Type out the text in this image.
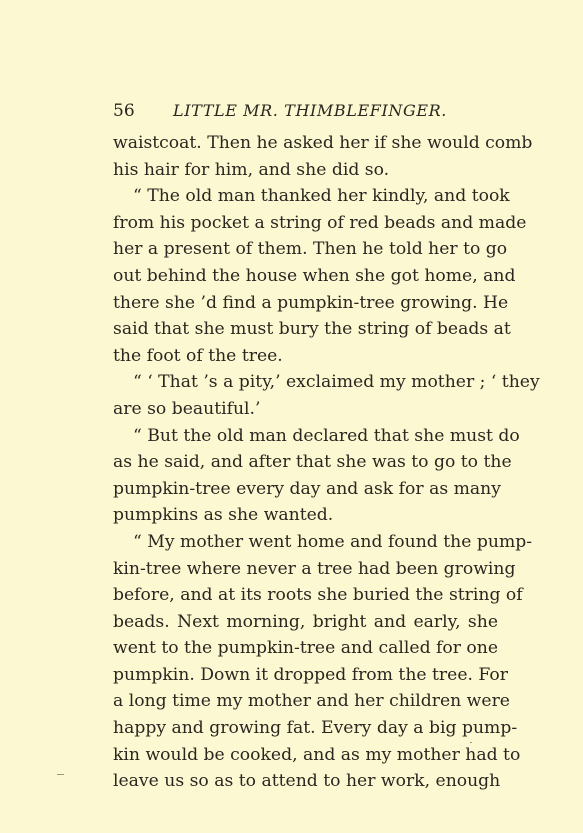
56 LITTLE MR. THIMBLEFINGER.
waistcoat. Then he asked her if she would comb
his hair for him, and she did so.
“ The old man thanked her kindly, and took
from his pocket a string of red beads and made
her a present of them. Then he told her to go
out behind the house when she got home, and
there she ’d find a pumpkin-tree growing. He
said that she must bury the string of beads at
the foot of the tree.
“ ‘ That ’s a pity,’ exclaimed my mother ; ‘ they
are so beautiful.’
“ But the old man declared that she must do
as he said, and after that she was to go to the
pumpkin-tree every day and ask for as many
pumpkins as she wanted.
“ My mother went home and found the pump-
kin-tree where never a tree had been growing
before, and at its roots she buried the string of
beads. Next morning, bright and early, she
went to the pumpkin-tree and called for one
pumpkin. Down it dropped from the tree. For
a long time my mother and her children were
happy and growing fat. Every day a big pump-
kin would be cooked, and as my mother had to
leave us so as to attend to her work, enough
